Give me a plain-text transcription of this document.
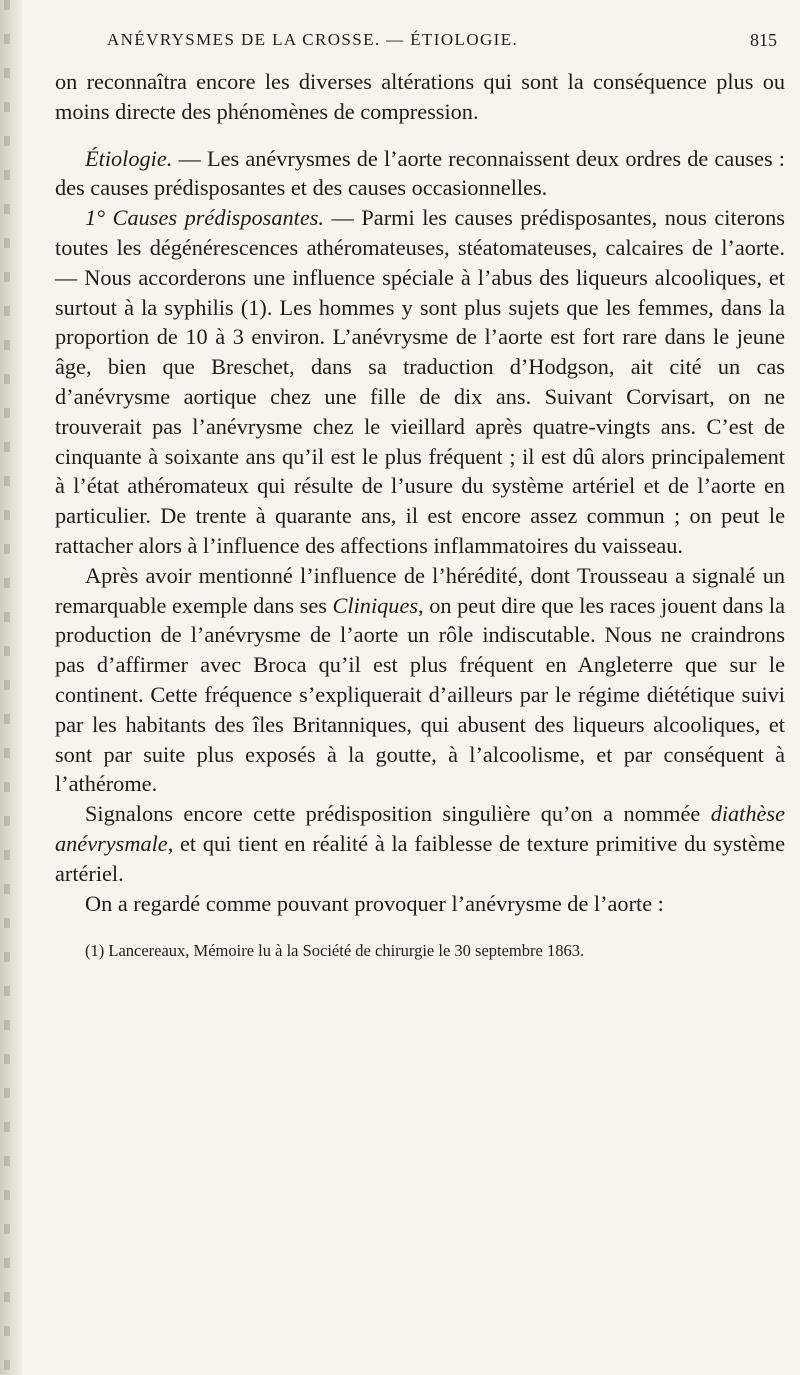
ANÉVRYSMES DE LA CROSSE. — ÉTIOLOGIE.	815

on reconnaîtra encore les diverses altérations qui sont la conséquence plus ou moins directe des phénomènes de compression.

Étiologie. — Les anévrysmes de l’aorte reconnaissent deux ordres de causes : des causes prédisposantes et des causes occasionnelles.

1° Causes prédisposantes. — Parmi les causes prédisposantes, nous citerons toutes les dégénérescences athéromateuses, stéatomateuses, calcaires de l’aorte. — Nous accorderons une influence spéciale à l’abus des liqueurs alcooliques, et surtout à la syphilis (1). Les hommes y sont plus sujets que les femmes, dans la proportion de 10 à 3 environ. L’anévrysme de l’aorte est fort rare dans le jeune âge, bien que Breschet, dans sa traduction d’Hodgson, ait cité un cas d’anévrysme aortique chez une fille de dix ans. Suivant Corvisart, on ne trouverait pas l’anévrysme chez le vieillard après quatre-vingts ans. C’est de cinquante à soixante ans qu’il est le plus fréquent ; il est dû alors principalement à l’état athéromateux qui résulte de l’usure du système artériel et de l’aorte en particulier. De trente à quarante ans, il est encore assez commun ; on peut le rattacher alors à l’influence des affections inflammatoires du vaisseau.

Après avoir mentionné l’influence de l’hérédité, dont Trousseau a signalé un remarquable exemple dans ses Cliniques, on peut dire que les races jouent dans la production de l’anévrysme de l’aorte un rôle indiscutable. Nous ne craindrons pas d’affirmer avec Broca qu’il est plus fréquent en Angleterre que sur le continent. Cette fréquence s’expliquerait d’ailleurs par le régime diététique suivi par les habitants des îles Britanniques, qui abusent des liqueurs alcooliques, et sont par suite plus exposés à la goutte, à l’alcoolisme, et par conséquent à l’athérome.

Signalons encore cette prédisposition singulière qu’on a nommée diathèse anévrysmale, et qui tient en réalité à la faiblesse de texture primitive du système artériel.

On a regardé comme pouvant provoquer l’anévrysme de l’aorte :

(1) Lancereaux, Mémoire lu à la Société de chirurgie le 30 septembre 1863.
